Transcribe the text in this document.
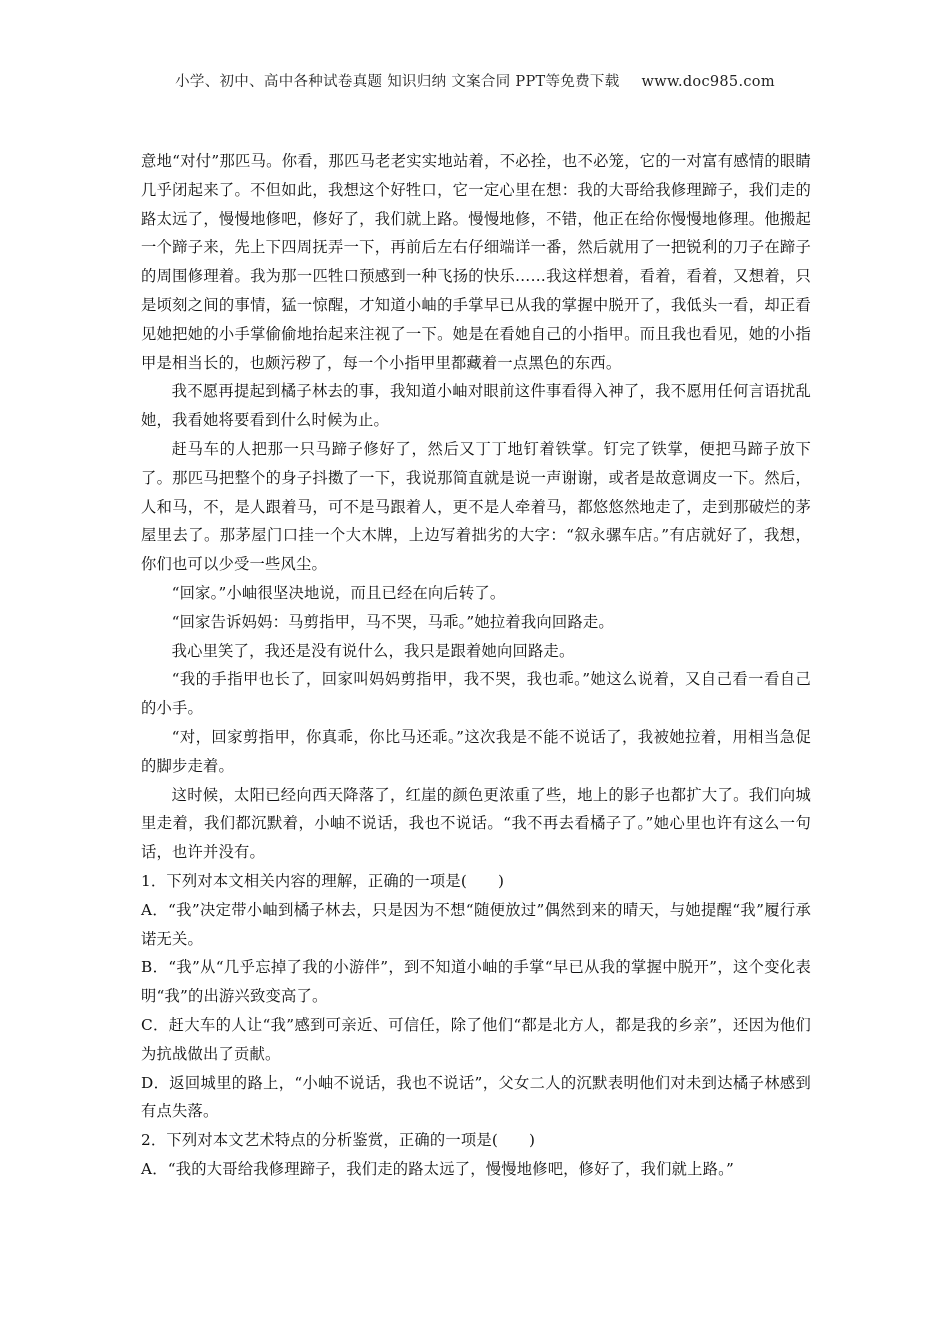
小学、初中、高中各种试卷真题 知识归纳 文案合同 PPT等免费下载 www.doc985.com

意地“对付”那匹马。你看，那匹马老老实实地站着，不必拴，也不必笼，它的一对富有感情的眼睛几乎闭起来了。不但如此，我想这个好牲口，它一定心里在想：我的大哥给我修理蹄子，我们走的路太远了，慢慢地修吧，修好了，我们就上路。慢慢地修，不错，他正在给你慢慢地修理。他搬起一个蹄子来，先上下四周抚弄一下，再前后左右仔细端详一番，然后就用了一把锐利的刀子在蹄子的周围修理着。我为那一匹牲口预感到一种飞扬的快乐……我这样想着，看着，看着，又想着，只是顷刻之间的事情，猛一惊醒，才知道小岫的手掌早已从我的掌握中脱开了，我低头一看，却正看见她把她的小手掌偷偷地抬起来注视了一下。她是在看她自己的小指甲。而且我也看见，她的小指甲是相当长的，也颇污秽了，每一个小指甲里都藏着一点黑色的东西。

我不愿再提起到橘子林去的事，我知道小岫对眼前这件事看得入神了，我不愿用任何言语扰乱她，我看她将要看到什么时候为止。

赶马车的人把那一只马蹄子修好了，然后又丁丁地钉着铁掌。钉完了铁掌，便把马蹄子放下了。那匹马把整个的身子抖擞了一下，我说那简直就是说一声谢谢，或者是故意调皮一下。然后，人和马，不，是人跟着马，可不是马跟着人，更不是人牵着马，都悠悠然地走了，走到那破烂的茅屋里去了。那茅屋门口挂一个大木牌，上边写着拙劣的大字：“叙永骡车店。”有店就好了，我想，你们也可以少受一些风尘。

“回家。”小岫很坚决地说，而且已经在向后转了。

“回家告诉妈妈：马剪指甲，马不哭，马乖。”她拉着我向回路走。

我心里笑了，我还是没有说什么，我只是跟着她向回路走。

“我的手指甲也长了，回家叫妈妈剪指甲，我不哭，我也乖。”她这么说着，又自己看一看自己的小手。

“对，回家剪指甲，你真乖，你比马还乖。”这次我是不能不说话了，我被她拉着，用相当急促的脚步走着。

这时候，太阳已经向西天降落了，红崖的颜色更浓重了些，地上的影子也都扩大了。我们向城里走着，我们都沉默着，小岫不说话，我也不说话。“我不再去看橘子了。”她心里也许有这么一句话，也许并没有。

1．下列对本文相关内容的理解，正确的一项是(　　)

A．“我”决定带小岫到橘子林去，只是因为不想“随便放过”偶然到来的晴天，与她提醒“我”履行承诺无关。

B．“我”从“几乎忘掉了我的小游伴”，到不知道小岫的手掌“早已从我的掌握中脱开”，这个变化表明“我”的出游兴致变高了。

C．赶大车的人让“我”感到可亲近、可信任，除了他们“都是北方人，都是我的乡亲”，还因为他们为抗战做出了贡献。

D．返回城里的路上，“小岫不说话，我也不说话”，父女二人的沉默表明他们对未到达橘子林感到有点失落。

2．下列对本文艺术特点的分析鉴赏，正确的一项是(　　)

A．“我的大哥给我修理蹄子，我们走的路太远了，慢慢地修吧，修好了，我们就上路。”
